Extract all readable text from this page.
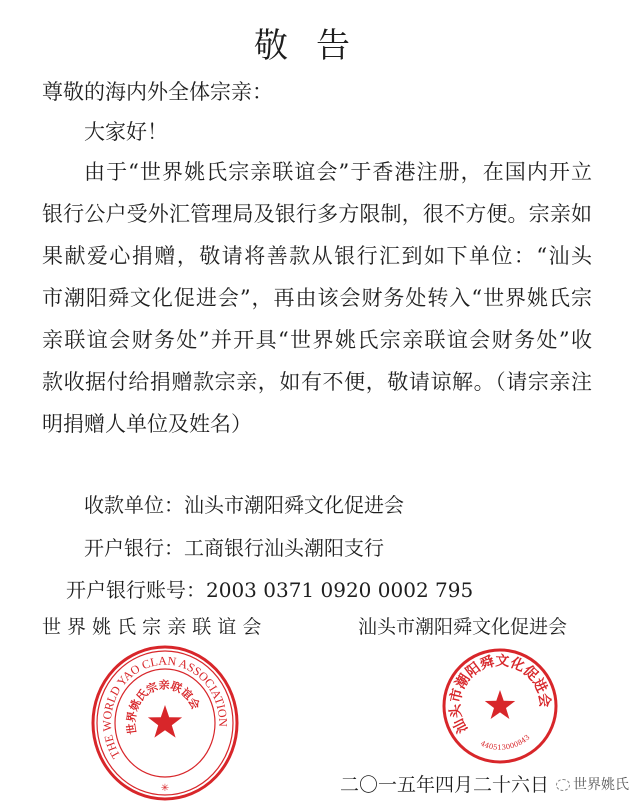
敬告
尊敬的海内外全体宗亲：
大家好！
由于“世界姚氏宗亲联谊会”于香港注册，在国内开立
银行公户受外汇管理局及银行多方限制，很不方便。宗亲如
果献爱心捐赠，敬请将善款从银行汇到如下单位：“汕头
市潮阳舜文化促进会”，再由该会财务处转入“世界姚氏宗
亲联谊会财务处”并开具“世界姚氏宗亲联谊会财务处”收
款收据付给捐赠款宗亲，如有不便，敬请谅解。（请宗亲注
明捐赠人单位及姓名）
收款单位：汕头市潮阳舜文化促进会
开户银行：工商银行汕头潮阳支行
开户银行账号：2003 0371 0920 0002 795
世 界 姚 氏 宗 亲 联 谊 会	汕头市潮阳舜文化促进会
THE WORLD YAO CLAN ASSOCIATION
世界姚氏宗亲联谊会
✳
汕头市潮阳舜文化促进会
440513000843
二〇一五年四月二十六日	世界姚氏
